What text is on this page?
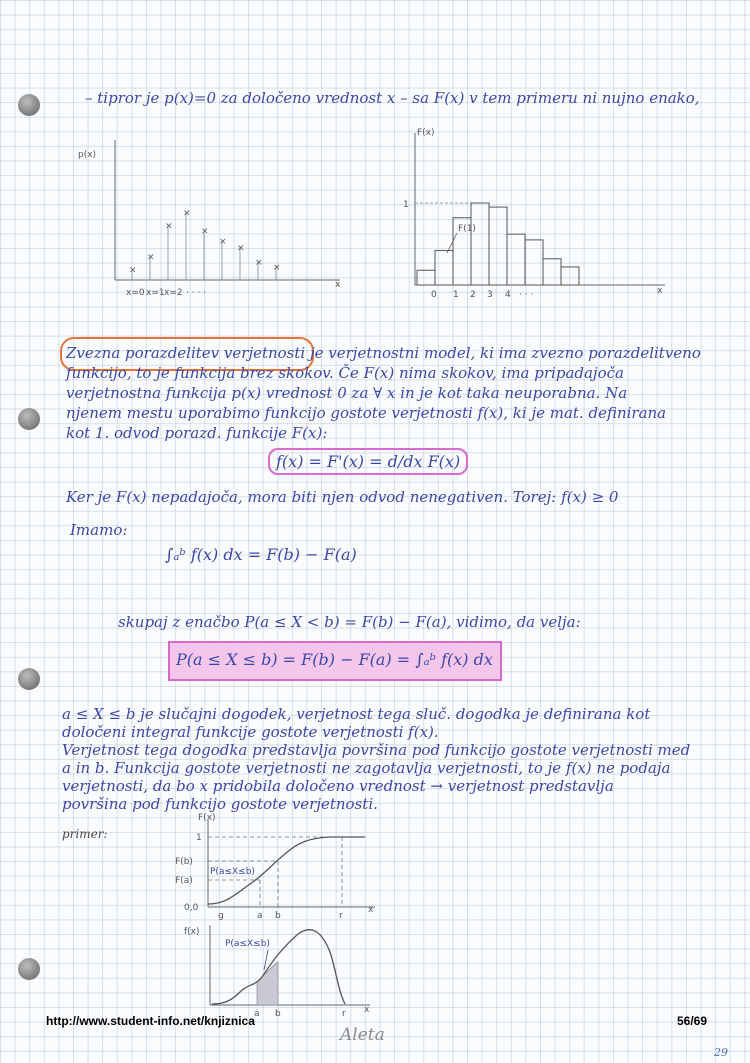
– tipror je p(x)=0 za določeno vrednost x – sa F(x) v tem primeru ni nujno enako,
p(x)
x
×
×
×
×
×
×
×
×
×
x=0 x=1 x=2 · · · ·
F(x)
x
1
F(1)
0 1 2 3 4 · · ·
Zvezna porazdelitev verjetnosti je verjetnostni model, ki ima zvezno porazdelitveno
funkcijo, to je funkcija brez skokov. Če F(x) nima skokov, ima pripadajoča
verjetnostna funkcija p(x) vrednost 0 za ∀ x in je kot taka neuporabna. Na
njenem mestu uporabimo funkcijo gostote verjetnosti f(x), ki je mat. definirana
kot 1. odvod porazd. funkcije F(x):
f(x) = F'(x) = d/dx F(x)
Ker je F(x) nepadajoča, mora biti njen odvod nenegativen. Torej: f(x) ≥ 0
Imamo:
∫ₐᵇ f(x) dx = F(b) − F(a)
skupaj z enačbo P(a ≤ X < b) = F(b) − F(a), vidimo, da velja:
P(a ≤ X ≤ b) = F(b) − F(a) = ∫ₐᵇ f(x) dx
a ≤ X ≤ b je slučajni dogodek, verjetnost tega sluč. dogodka je definirana kot
določeni integral funkcije gostote verjetnosti f(x).
Verjetnost tega dogodka predstavlja površina pod funkcijo gostote verjetnosti med
a in b. Funkcija gostote verjetnosti ne zagotavlja verjetnosti, to je f(x) ne podaja
verjetnosti, da bo x pridobila določeno vrednost → verjetnost predstavlja
površina pod funkcijo gostote verjetnosti.
primer:
F(x)
x
1
F(b)
F(a)
0,0
P(a≤X≤b)
g	a b	r
f(x)
x
P(a≤X≤b)
a b	r
Aleta
29
http://www.student-info.net/knjiznica	56/69
